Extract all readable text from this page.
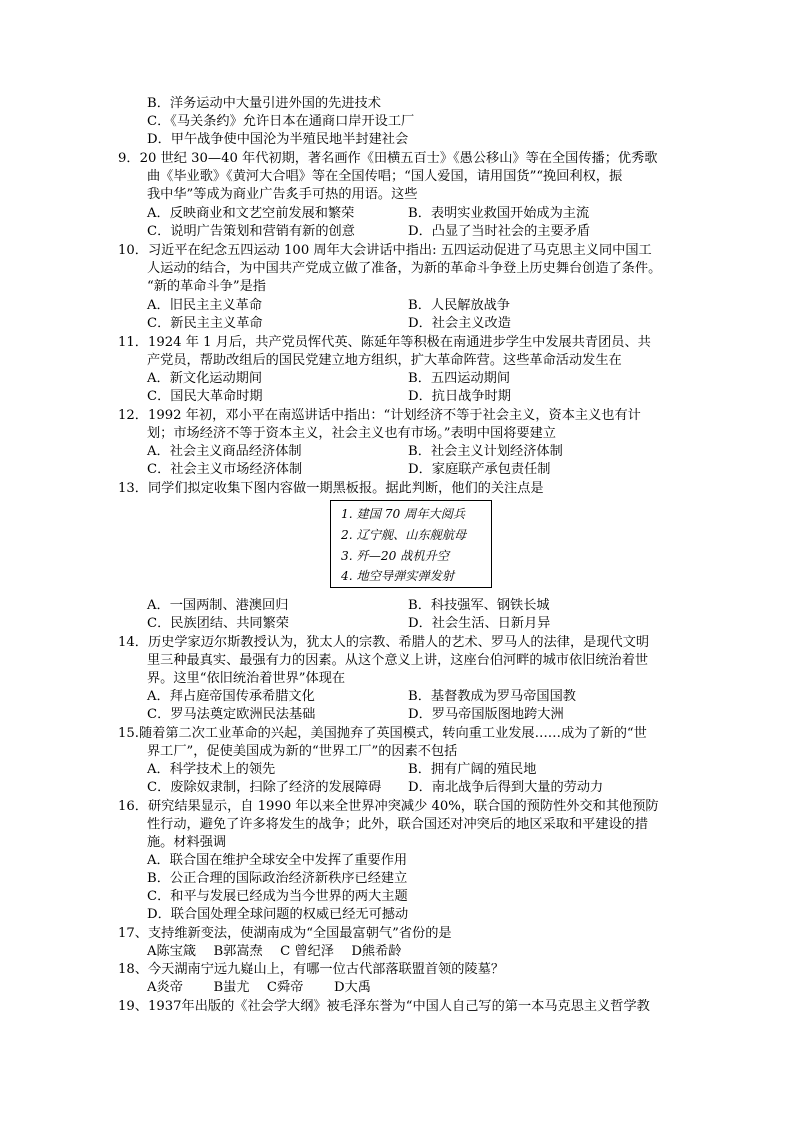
B．洋务运动中大量引进外国的先进技术
C．《马关条约》允许日本在通商口岸开设工厂
D．甲午战争使中国沦为半殖民地半封建社会
9．20 世纪 30—40 年代初期，著名画作《田横五百士》《愚公移山》等在全国传播；优秀歌
曲《毕业歌》《黄河大合唱》等在全国传唱；“国人爱国，请用国货”“挽回利权，振
我中华”等成为商业广告炙手可热的用语。这些
A．反映商业和文艺空前发展和繁荣	B．表明实业救国开始成为主流
C．说明广告策划和营销有新的创意	D．凸显了当时社会的主要矛盾
10．习近平在纪念五四运动 100 周年大会讲话中指出: 五四运动促进了马克思主义同中国工
人运动的结合，为中国共产党成立做了准备，为新的革命斗争登上历史舞台创造了条件。
“新的革命斗争”是指
A．旧民主主义革命	B．人民解放战争
C．新民主主义革命	D．社会主义改造
11．1924 年 1 月后，共产党员恽代英、陈延年等积极在南通进步学生中发展共青团员、共
产党员，帮助改组后的国民党建立地方组织，扩大革命阵营。这些革命活动发生在
A．新文化运动期间	B．五四运动期间
C．国民大革命时期	D．抗日战争时期
12．1992 年初，邓小平在南巡讲话中指出：“计划经济不等于社会主义，资本主义也有计
划；市场经济不等于资本主义，社会主义也有市场。”表明中国将要建立
A．社会主义商品经济体制	B．社会主义计划经济体制
C．社会主义市场经济体制	D．家庭联产承包责任制
13．同学们拟定收集下图内容做一期黑板报。据此判断，他们的关注点是
1. 建国 70 周年大阅兵
2. 辽宁舰、山东舰航母
3. 歼—20 战机升空
4. 地空导弹实弹发射
A．一国两制、港澳回归	B．科技强军、钢铁长城
C．民族团结、共同繁荣	D．社会生活、日新月异
14．历史学家迈尔斯教授认为，犹太人的宗教、希腊人的艺术、罗马人的法律，是现代文明
里三种最真实、最强有力的因素。从这个意义上讲，这座台伯河畔的城市依旧统治着世
界。这里“依旧统治着世界”体现在
A．拜占庭帝国传承希腊文化	B．基督教成为罗马帝国国教
C．罗马法奠定欧洲民法基础	D．罗马帝国版图地跨大洲
15.随着第二次工业革命的兴起，美国抛弃了英国模式，转向重工业发展……成为了新的“世
界工厂”，促使美国成为新的“世界工厂”的因素不包括
A．科学技术上的领先	B．拥有广阔的殖民地
C．废除奴隶制，扫除了经济的发展障碍 D．南北战争后得到大量的劳动力
16．研究结果显示，自 1990 年以来全世界冲突减少 40%，联合国的预防性外交和其他预防
性行动，避免了许多将发生的战争；此外，联合国还对冲突后的地区采取和平建设的措
施。材料强调
A．联合国在维护全球安全中发挥了重要作用
B．公正合理的国际政治经济新秩序已经建立
C．和平与发展已经成为当今世界的两大主题
D．联合国处理全球问题的权威已经无可撼动
17、支持维新变法，使湖南成为“全国最富朝气”省份的是
A陈宝箴　 B郭嵩焘　 C 曾纪泽　 D熊希龄
18、今天湖南宁远九嶷山上，有哪一位古代部落联盟首领的陵墓？
A炎帝　 　B蚩尤　 C舜帝　 　D大禹
19、1937年出版的《社会学大纲》被毛泽东誉为“中国人自己写的第一本马克思主义哲学教
